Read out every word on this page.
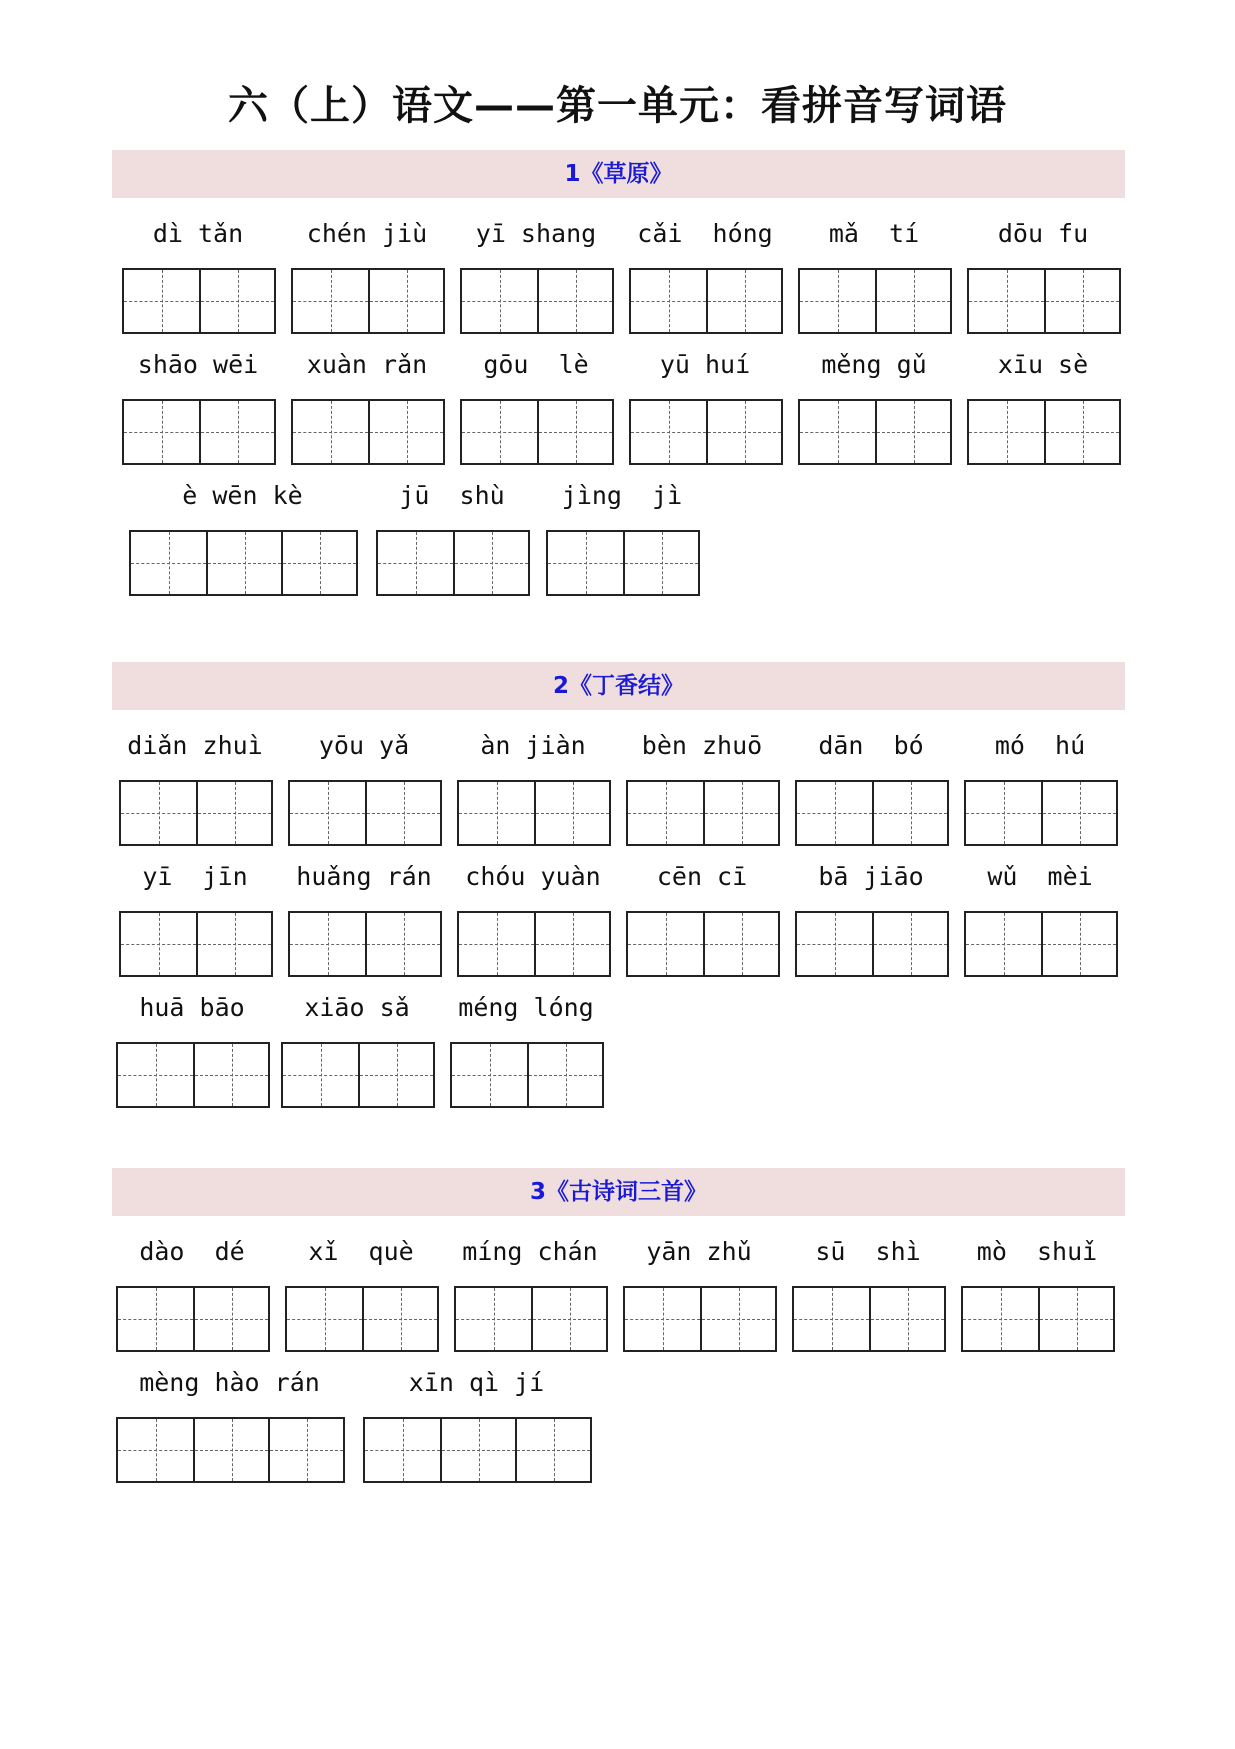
六（上）语文——第一单元：看拼音写词语
1《草原》
dì tǎn	chén jiù	yī shang	cǎi  hóng	mǎ  tí	dōu fu
shāo wēi	xuàn rǎn	gōu  lè	yū huí	měng gǔ	xīu sè
è wēn kè	jū  shù	jìng  jì
2《丁香结》
diǎn zhuì	yōu yǎ	àn jiàn	bèn zhuō	dān  bó	mó  hú
yī  jīn	huǎng rán	chóu yuàn	cēn cī	bā jiāo	wǔ  mèi
huā bāo	xiāo sǎ	méng lóng
3《古诗词三首》
dào  dé	xǐ  què	míng chán	yān zhǔ	sū  shì	mò  shuǐ
mèng hào rán	xīn qì jí
